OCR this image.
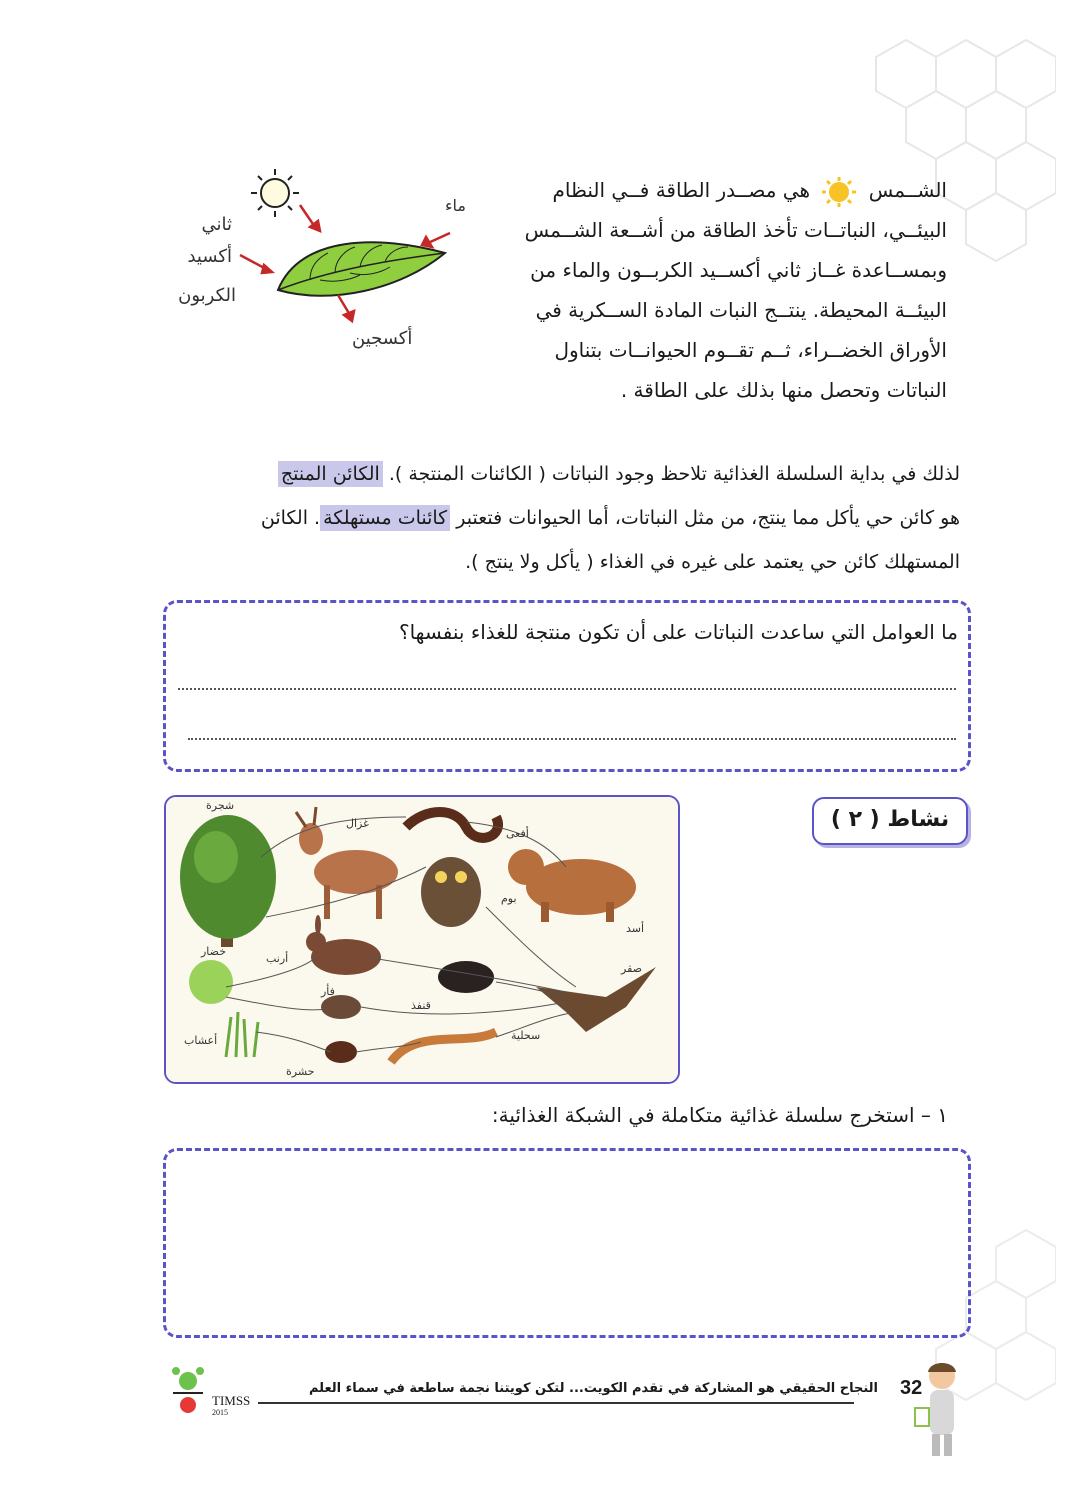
ماء
ثاني
أكسيد
الكربون
أكسجين
الشــمس  هي مصــدر الطاقة فــي النظام
البيئــي، النباتــات تأخذ الطاقة من أشــعة الشــمس
وبمســاعدة غــاز ثاني أكســيد الكربــون والماء من
البيئــة المحيطة. ينتــج النبات المادة الســكرية في
الأوراق الخضــراء، ثــم تقــوم الحيوانــات بتناول
النباتات وتحصل منها بذلك على الطاقة .
لذلك في بداية السلسلة الغذائية تلاحظ وجود النباتات ( الكائنات المنتجة ). الكائن المنتج
هو كائن حي يأكل مما ينتج، من مثل النباتات، أما الحيوانات فتعتبر كائنات مستهلكة. الكائن
المستهلك كائن حي يعتمد على غيره في الغذاء ( يأكل ولا ينتج ).
ما العوامل التي ساعدت النباتات على أن تكون منتجة للغذاء بنفسها؟
نشاط ( ٢ )
شجرة
غزال
أفعى
بوم
أسد
أرنب
خضار
فأر
قنفذ
صقر
أعشاب
حشرة
سحلية
١ – استخرج سلسلة غذائية متكاملة في الشبكة الغذائية:
32
النجاح الحقيقي هو المشاركة في تقدم الكويت... لتكن كويتنا نجمة ساطعة في سماء العلم
TIMSS
2015
